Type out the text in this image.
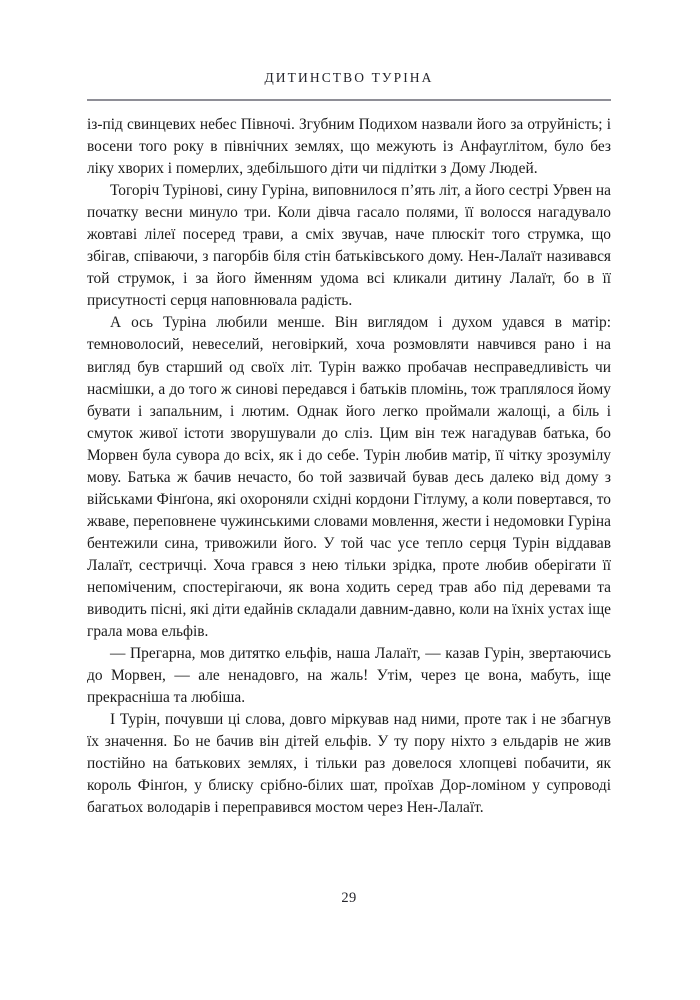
ДИТИНСТВО ТУРІНА

із-під свинцевих небес Півночі. Згубним Подихом назвали його за отруйність; і восени того року в північних землях, що межують із Анфауґлітом, було без ліку хворих і померлих, здебільшого діти чи підлітки з Дому Людей.

Тогоріч Турінові, сину Гуріна, виповнилося п’ять літ, а його сестрі Урвен на початку весни минуло три. Коли дівча гасало полями, її волосся нагадувало жовтаві лілеї посеред трави, а сміх звучав, наче плюскіт того струмка, що збігав, співаючи, з пагорбів біля стін батьківського дому. Нен-Лалаїт називався той струмок, і за його йменням удома всі кликали дитину Лалаїт, бо в її присутності серця наповнювала радість.

А ось Туріна любили менше. Він виглядом і духом удався в матір: темноволосий, невеселий, неговіркий, хоча розмовляти навчився рано і на вигляд був старший од своїх літ. Турін важко пробачав несправедливість чи насмішки, а до того ж синові передався і батьків пломінь, тож траплялося йому бувати і запальним, і лютим. Однак його легко проймали жалощі, а біль і смуток живої істоти зворушували до сліз. Цим він теж нагадував батька, бо Морвен була сувора до всіх, як і до себе. Турін любив матір, її чітку зрозумілу мову. Батька ж бачив нечасто, бо той зазвичай бував десь далеко від дому з військами Фінґона, які охороняли східні кордони Гітлуму, а коли повертався, то жваве, переповнене чужинськими словами мовлення, жести і недомовки Гуріна бентежили сина, тривожили його. У той час усе тепло серця Турін віддавав Лалаїт, сестричці. Хоча грався з нею тільки зрідка, проте любив оберігати її непоміченим, спостерігаючи, як вона ходить серед трав або під деревами та виводить пісні, які діти едайнів складали давним-давно, коли на їхніх устах іще грала мова ельфів.

— Прегарна, мов дитятко ельфів, наша Лалаїт, — казав Гурін, звертаючись до Морвен, — але ненадовго, на жаль! Утім, через це вона, мабуть, іще прекрасніша та любіша.

І Турін, почувши ці слова, довго міркував над ними, проте так і не збагнув їх значення. Бо не бачив він дітей ельфів. У ту пору ніхто з ельдарів не жив постійно на батькових землях, і тільки раз довелося хлопцеві побачити, як король Фінґон, у блиску срібно-білих шат, проїхав Дор-ломіном у супроводі багатьох володарів і переправився мостом через Нен-Лалаїт.

29
